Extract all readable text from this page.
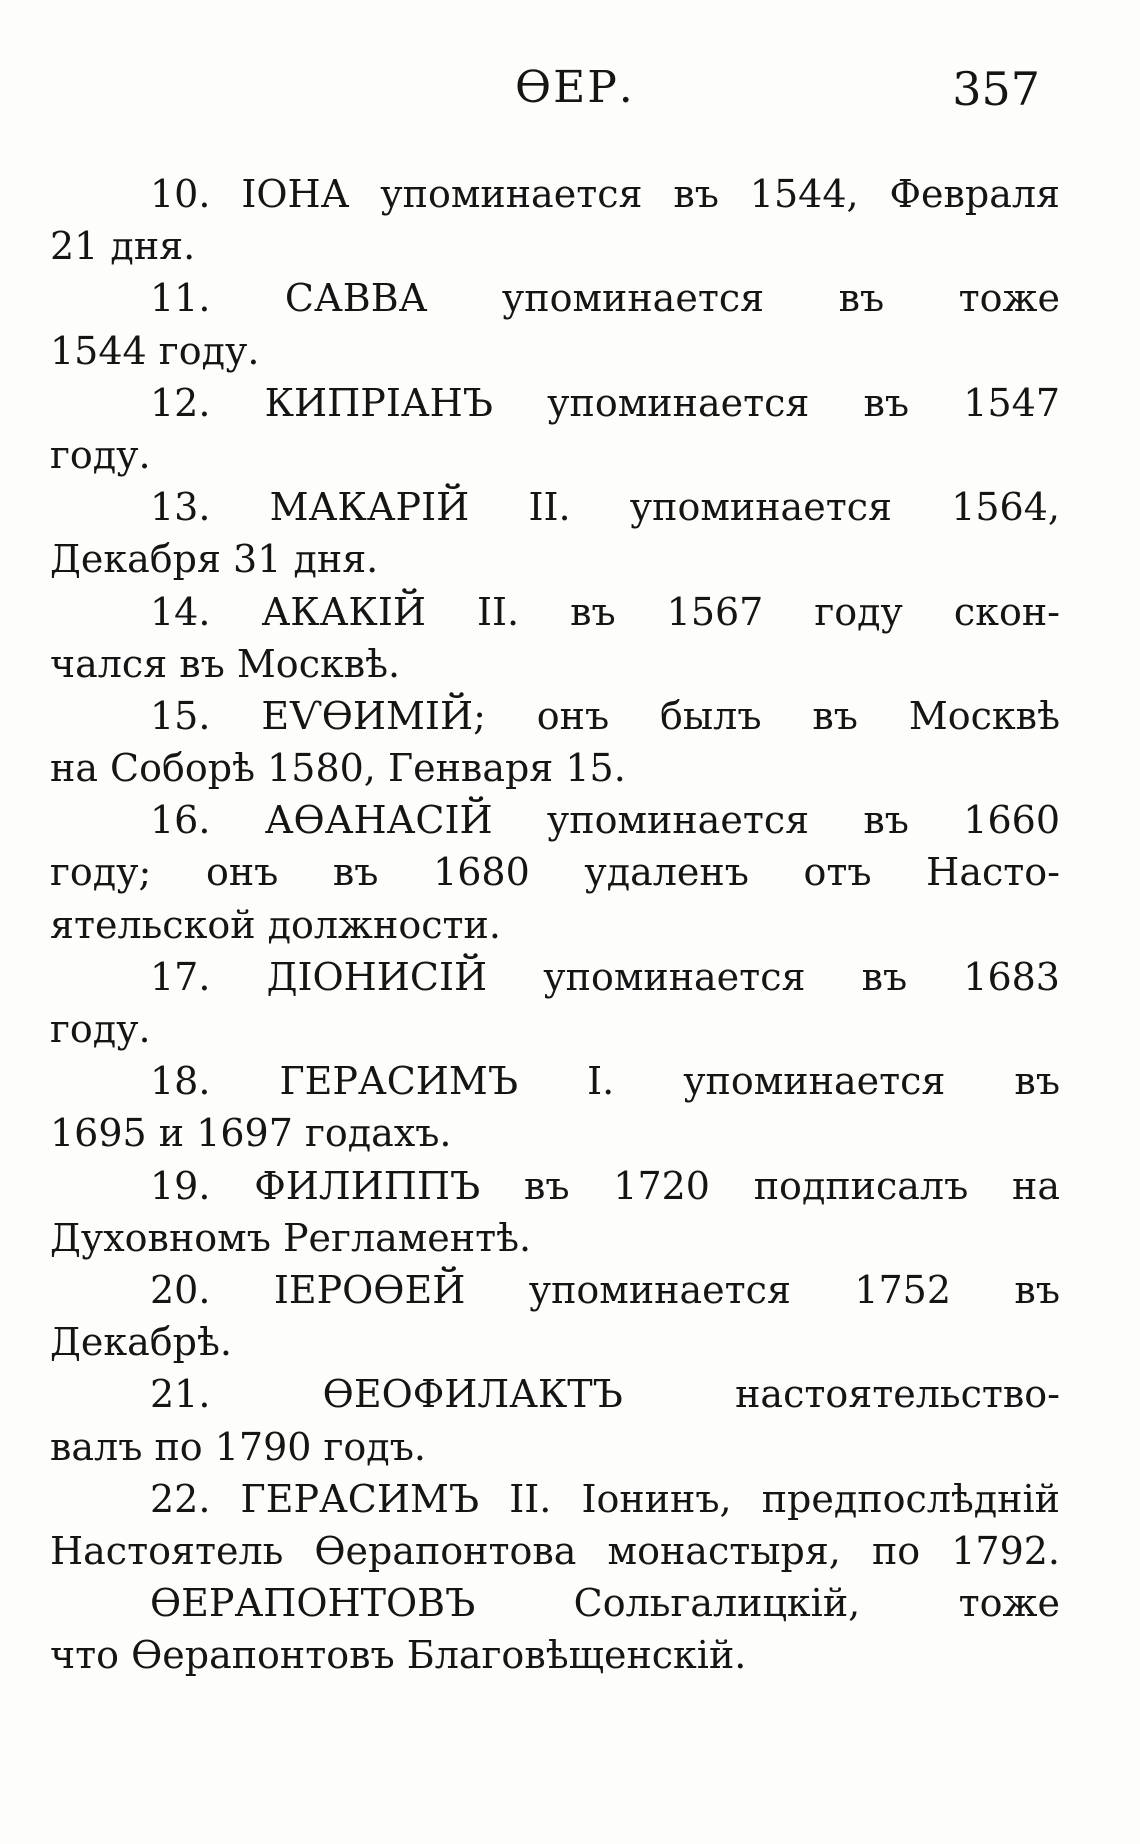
ѲЕР.	357
10. ІОНА упоминается въ 1544, Февраля
21 дня.
11. САВВА упоминается въ тоже
1544 году.
12. КИПРІАНЪ упоминается въ 1547
году.
13. МАКАРІЙ II. упоминается 1564,
Декабря 31 дня.
14. АКАКІЙ II. въ 1567 году скон-
чался въ Москвѣ.
15. ЕѴѲИМІЙ; онъ былъ въ Москвѣ
на Соборѣ 1580, Генваря 15.
16. АѲАНАСІЙ упоминается въ 1660
году; онъ въ 1680 удаленъ отъ Насто-
ятельской должности.
17. ДІОНИСІЙ упоминается въ 1683
году.
18. ГЕРАСИМЪ I. упоминается въ
1695 и 1697 годахъ.
19. ФИЛИППЪ въ 1720 подписалъ на
Духовномъ Регламентѣ.
20. ІЕРОѲЕЙ упоминается 1752 въ
Декабрѣ.
21. ѲЕОФИЛАКТЪ настоятельство-
валъ по 1790 годъ.
22. ГЕРАСИМЪ II. Іонинъ, предпослѣдній
Настоятель Ѳерапонтова монастыря, по 1792.
ѲЕРАПОНТОВЪ Сольгалицкій, тоже
что Ѳерапонтовъ Благовѣщенскій.
